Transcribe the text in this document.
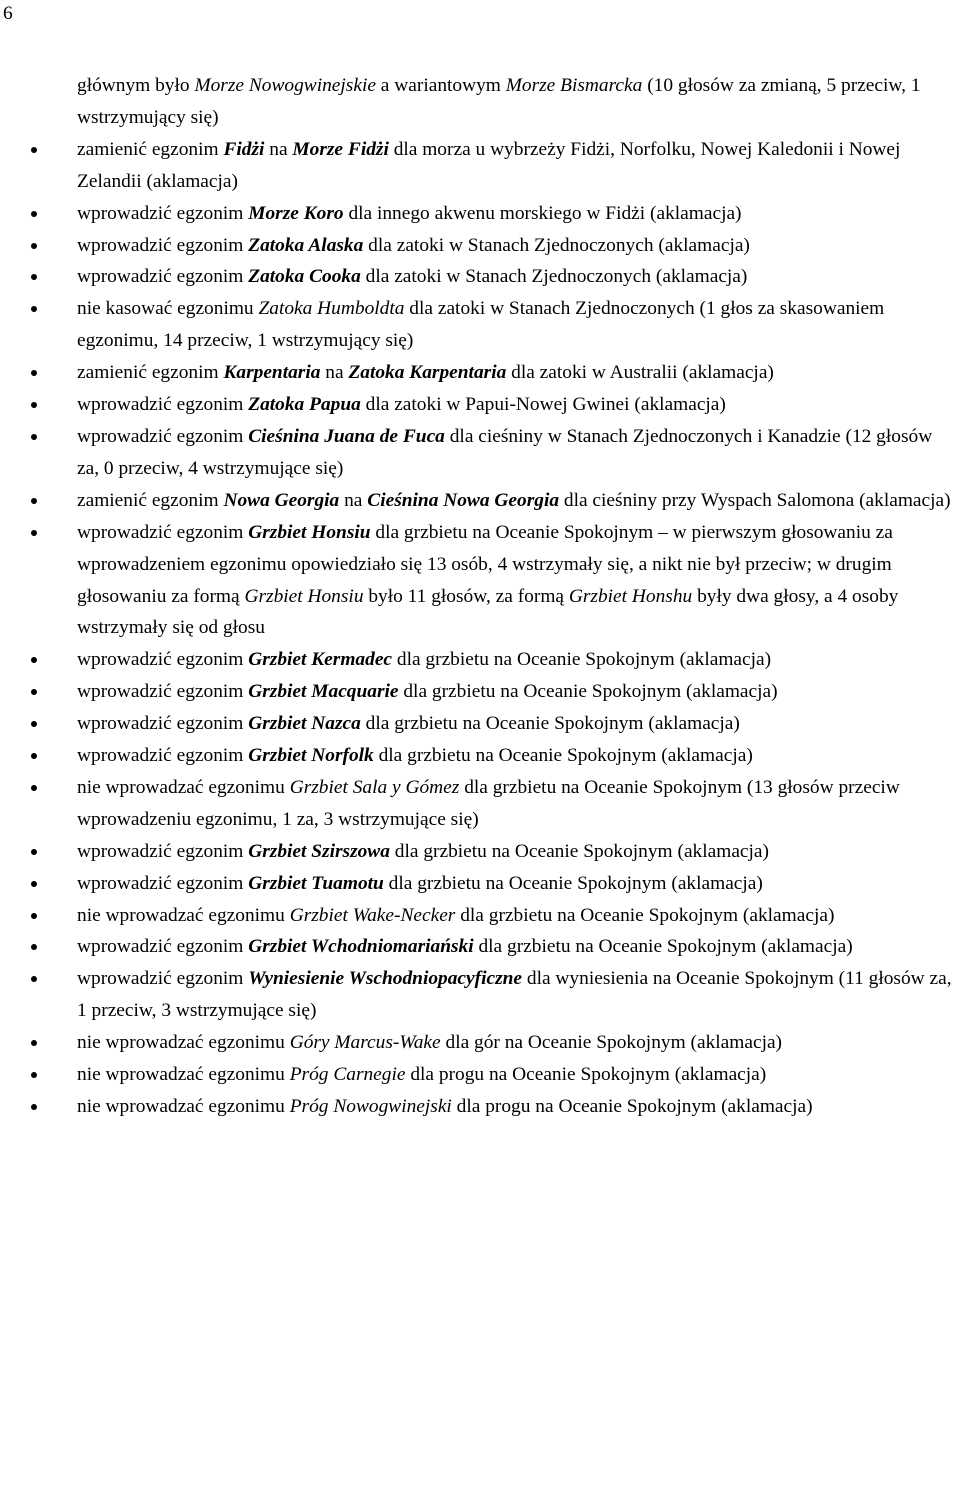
6
głównym było Morze Nowogwinejskie a wariantowym Morze Bismarcka (10 głosów za zmianą, 5 przeciw, 1 wstrzymujący się)
zamienić egzonim Fidżi na Morze Fidżi dla morza u wybrzeży Fidżi, Norfolku, Nowej Kaledonii i Nowej Zelandii (aklamacja)
wprowadzić egzonim Morze Koro dla innego akwenu morskiego w Fidżi (aklamacja)
wprowadzić egzonim Zatoka Alaska dla zatoki w Stanach Zjednoczonych (aklamacja)
wprowadzić egzonim Zatoka Cooka dla zatoki w Stanach Zjednoczonych (aklamacja)
nie kasować egzonimu Zatoka Humboldta dla zatoki w Stanach Zjednoczonych (1 głos za skasowaniem egzonimu, 14 przeciw, 1 wstrzymujący się)
zamienić egzonim Karpentaria na Zatoka Karpentaria dla zatoki w Australii (aklamacja)
wprowadzić egzonim Zatoka Papua dla zatoki w Papui-Nowej Gwinei (aklamacja)
wprowadzić egzonim Cieśnina Juana de Fuca dla cieśniny w Stanach Zjednoczonych i Kanadzie (12 głosów za, 0 przeciw, 4 wstrzymujące się)
zamienić egzonim Nowa Georgia na Cieśnina Nowa Georgia dla cieśniny przy Wyspach Salomona (aklamacja)
wprowadzić egzonim Grzbiet Honsiu dla grzbietu na Oceanie Spokojnym – w pierwszym głosowaniu za wprowadzeniem egzonimu opowiedziało się 13 osób, 4 wstrzymały się, a nikt nie był przeciw; w drugim głosowaniu za formą Grzbiet Honsiu było 11 głosów, za formą Grzbiet Honshu były dwa głosy, a 4 osoby wstrzymały się od głosu
wprowadzić egzonim Grzbiet Kermadec dla grzbietu na Oceanie Spokojnym (aklamacja)
wprowadzić egzonim Grzbiet Macquarie dla grzbietu na Oceanie Spokojnym (aklamacja)
wprowadzić egzonim Grzbiet Nazca dla grzbietu na Oceanie Spokojnym (aklamacja)
wprowadzić egzonim Grzbiet Norfolk dla grzbietu na Oceanie Spokojnym (aklamacja)
nie wprowadzać egzonimu Grzbiet Sala y Gómez dla grzbietu na Oceanie Spokojnym (13 głosów przeciw wprowadzeniu egzonimu, 1 za, 3 wstrzymujące się)
wprowadzić egzonim Grzbiet Szirszowa dla grzbietu na Oceanie Spokojnym (aklamacja)
wprowadzić egzonim Grzbiet Tuamotu dla grzbietu na Oceanie Spokojnym (aklamacja)
nie wprowadzać egzonimu Grzbiet Wake-Necker dla grzbietu na Oceanie Spokojnym (aklamacja)
wprowadzić egzonim Grzbiet Wchodniomariański dla grzbietu na Oceanie Spokojnym (aklamacja)
wprowadzić egzonim Wyniesienie Wschodniopacyficzne dla wyniesienia na Oceanie Spokojnym (11 głosów za, 1 przeciw, 3 wstrzymujące się)
nie wprowadzać egzonimu Góry Marcus-Wake dla gór na Oceanie Spokojnym (aklamacja)
nie wprowadzać egzonimu Próg Carnegie dla progu na Oceanie Spokojnym (aklamacja)
nie wprowadzać egzonimu Próg Nowogwinejski dla progu na Oceanie Spokojnym (aklamacja)
